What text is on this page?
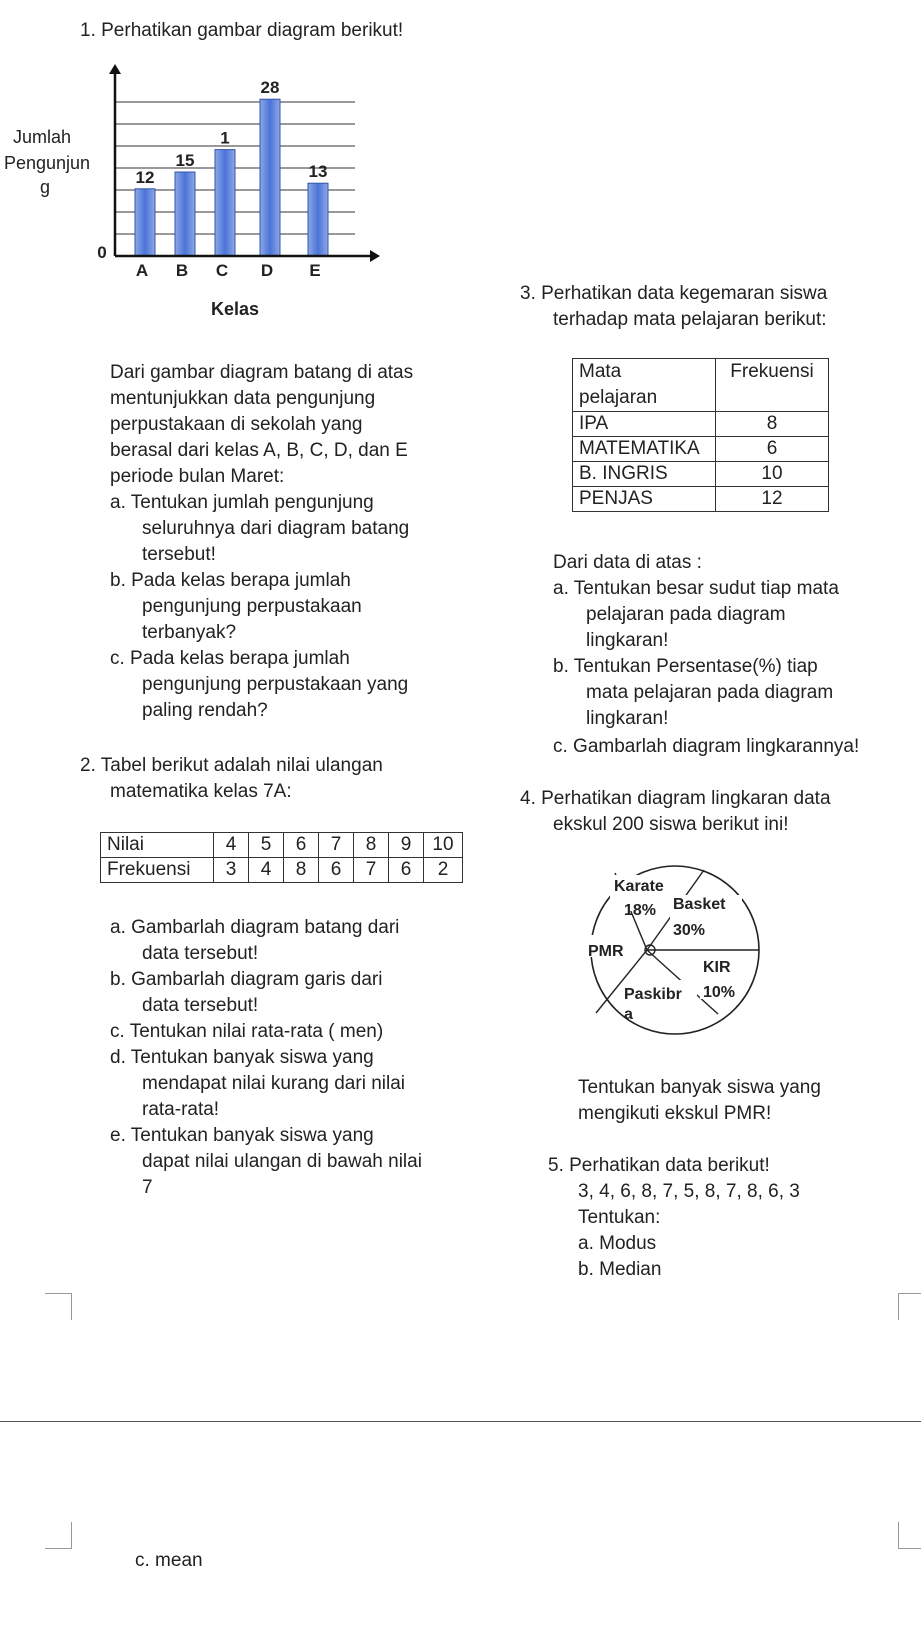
1. Perhatikan gambar diagram berikut!
Jumlah
Pengunjun
g
Kelas
0
12
A
15
B
1
C
28
D
13
E
Dari gambar diagram batang di atas
mentunjukkan data pengunjung
perpustakaan di sekolah yang
berasal dari kelas A, B, C, D, dan E
periode bulan Maret:
a. Tentukan jumlah pengunjung
seluruhnya dari diagram batang
tersebut!
b. Pada kelas berapa jumlah
pengunjung perpustakaan
terbanyak?
c. Pada kelas berapa jumlah
pengunjung perpustakaan yang
paling rendah?
2. Tabel berikut adalah nilai ulangan
matematika kelas 7A:
Nilai	4	5	6	7	8	9	10
Frekuensi	3	4	8	6	7	6	2
a. Gambarlah diagram batang dari
data tersebut!
b. Gambarlah diagram garis dari
data tersebut!
c. Tentukan nilai rata-rata ( men)
d. Tentukan banyak siswa yang
mendapat nilai kurang dari nilai
rata-rata!
e. Tentukan banyak siswa yang
dapat nilai ulangan di bawah nilai
7
3. Perhatikan data kegemaran siswa
terhadap mata pelajaran berikut:
Mata
pelajaran	Frekuensi
IPA	8
MATEMATIKA	6
B. INGRIS	10
PENJAS	12
Dari data di atas :
a. Tentukan besar sudut tiap mata
pelajaran pada diagram
lingkaran!
b. Tentukan Persentase(%) tiap
mata pelajaran pada diagram
lingkaran!
c. Gambarlah diagram lingkarannya!
4. Perhatikan diagram lingkaran data
ekskul 200 siswa berikut ini!
Karate
18% Basket
30%
PMR
KIR
10%
Paskibr
a
Tentukan banyak siswa yang
mengikuti ekskul PMR!
5. Perhatikan data berikut!
3, 4, 6, 8, 7, 5, 8, 7, 8, 6, 3
Tentukan:
a. Modus
b. Median
c. mean
